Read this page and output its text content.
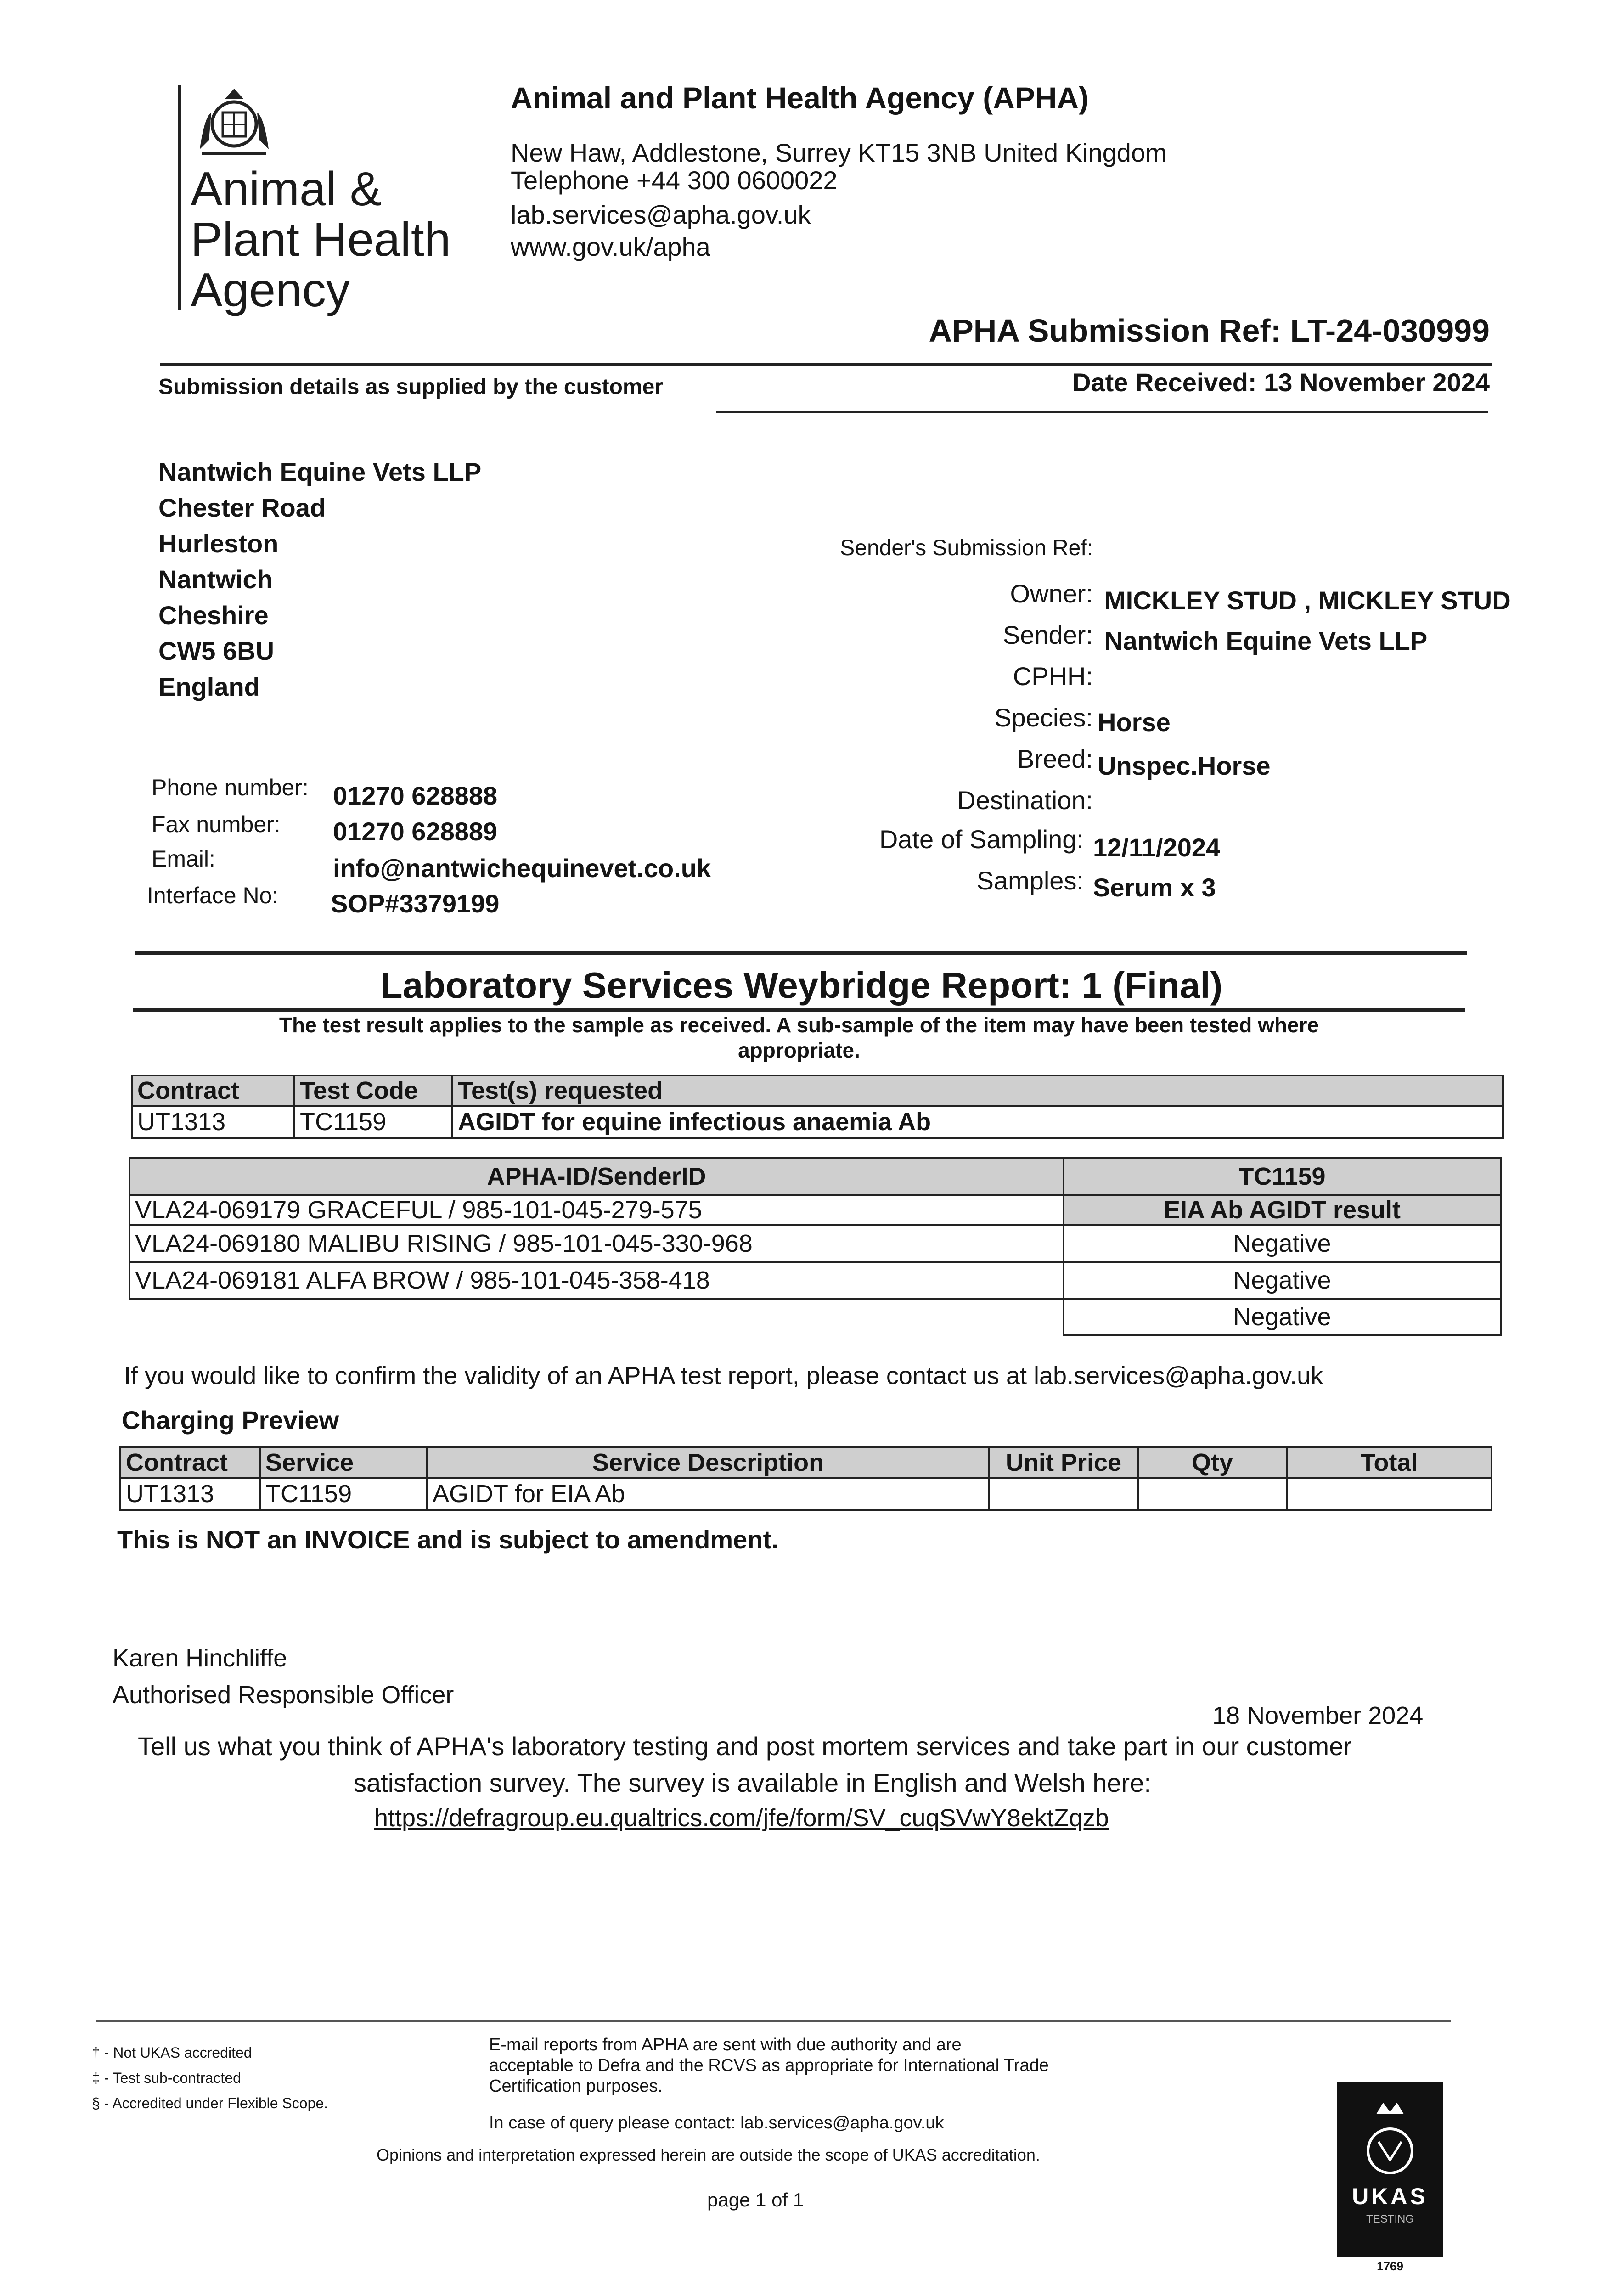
Animal &
Plant Health
Agency
Animal and Plant Health Agency (APHA)
New Haw, Addlestone, Surrey KT15 3NB United Kingdom
Telephone +44 300 0600022
lab.services@apha.gov.uk
www.gov.uk/apha
APHA Submission Ref: LT-24-030999
Date Received: 13 November 2024
Submission details as supplied by the customer
Nantwich Equine Vets LLP
Chester Road
Hurleston
Nantwich
Cheshire
CW5 6BU
England
Phone number: 01270 628888
Fax number: 01270 628889
Email:	info@nantwichequinevet.co.uk
Interface No: SOP#3379199
Sender's Submission Ref:
Owner: MICKLEY STUD , MICKLEY STUD
Sender: Nantwich Equine Vets LLP
CPHH:
Species: Horse
Breed: Unspec.Horse
Destination:
Date of Sampling: 12/11/2024
Samples: Serum x 3
Laboratory Services Weybridge Report: 1 (Final)
The test result applies to the sample as received. A sub-sample of the item may have been tested where
appropriate.
Contract	Test Code	Test(s) requested
UT1313	TC1159	AGIDT for equine infectious anaemia Ab
APHA-ID/SenderID	TC1159
VLA24-069179 GRACEFUL / 985-101-045-279-575	EIA Ab AGIDT result
VLA24-069180 MALIBU RISING / 985-101-045-330-968	Negative
VLA24-069181 ALFA BROW / 985-101-045-358-418	Negative
	Negative
If you would like to confirm the validity of an APHA test report, please contact us at lab.services@apha.gov.uk
Charging Preview
Contract	Service	Service Description	Unit Price	Qty	Total
UT1313	TC1159	AGIDT for EIA Ab			
This is NOT an INVOICE and is subject to amendment.
Karen Hinchliffe
Authorised Responsible Officer
18 November 2024
Tell us what you think of APHA's laboratory testing and post mortem services and take part in our customer
satisfaction survey. The survey is available in English and Welsh here:
https://defragroup.eu.qualtrics.com/jfe/form/SV_cuqSVwY8ektZqzb
† - Not UKAS accredited
‡ - Test sub-contracted
§ - Accredited under Flexible Scope.
E-mail reports from APHA are sent with due authority and are
acceptable to Defra and the RCVS as appropriate for International Trade
Certification purposes.
In case of query please contact: lab.services@apha.gov.uk
Opinions and interpretation expressed herein are outside the scope of UKAS accreditation.
page 1 of 1	UKAS
TESTING
1769
